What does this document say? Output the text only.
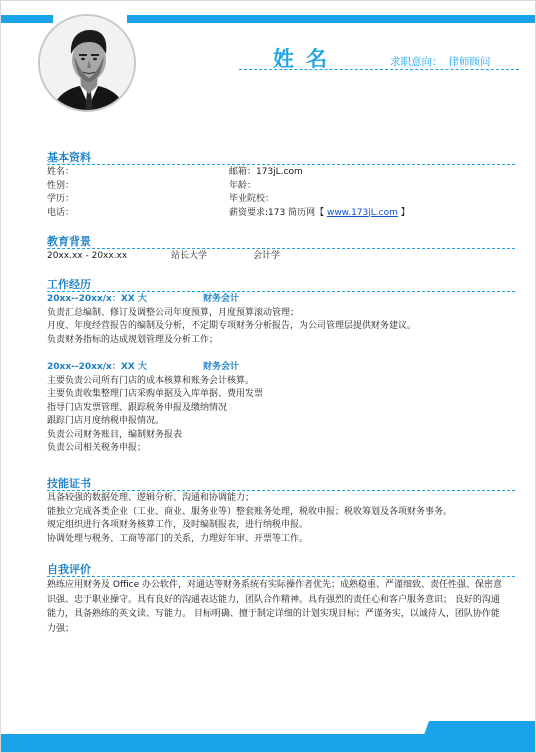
姓名	求职意向： 律师顾问
基本资料
姓名：	邮箱：173jL.com
性别：	年龄：
学历：	毕业院校：
电话：	薪资要求:173 简历网【 www.173jL.com 】
教育背景
20xx.xx - 20xx.xx	站长大学	会计学
工作经历
20xx--20xx/x：XX 大	财务会计
负责汇总编制、修订及调整公司年度预算，月度预算滚动管理；
月度、年度经营报告的编制及分析，不定期专项财务分析报告，为公司管理层提供财务建议。
负责财务指标的达成规划管理及分析工作；
20xx--20xx/x：XX 大	财务会计
主要负责公司所有门店的成本核算和账务会计核算。
主要负责收集整理门店采购单据及入库单据、费用发票
指导门店发票管理、跟踪税务申报及缴纳情况
跟踪门店月度纳税申报情况。
负责公司财务账目，编制财务报表
负责公司相关税务申报；
技能证书
具备较强的数据处理、逻辑分析、沟通和协调能力；
能独立完成各类企业（工业、商业、服务业等）整套账务处理，税收申报；税收筹划及各项财务事务。
规定组织进行各项财务核算工作，及时编制报表，进行纳税申报。
协调处理与税务、工商等部门的关系，力理好年审、开票等工作。
自我评价
熟练应用财务及 Office 办公软件，对通达等财务系统有实际操作者优先；成熟稳重、严谨细致、责任性强、保密意识强、忠于职业操守。具有良好的沟通表达能力，团队合作精神。具有强烈的责任心和客户服务意识； 良好的沟通能力，具备熟练的英文读、写能力。 目标明确、擅于制定详细的计划实现目标；严谨务实，以诚待人，团队协作能力强；
